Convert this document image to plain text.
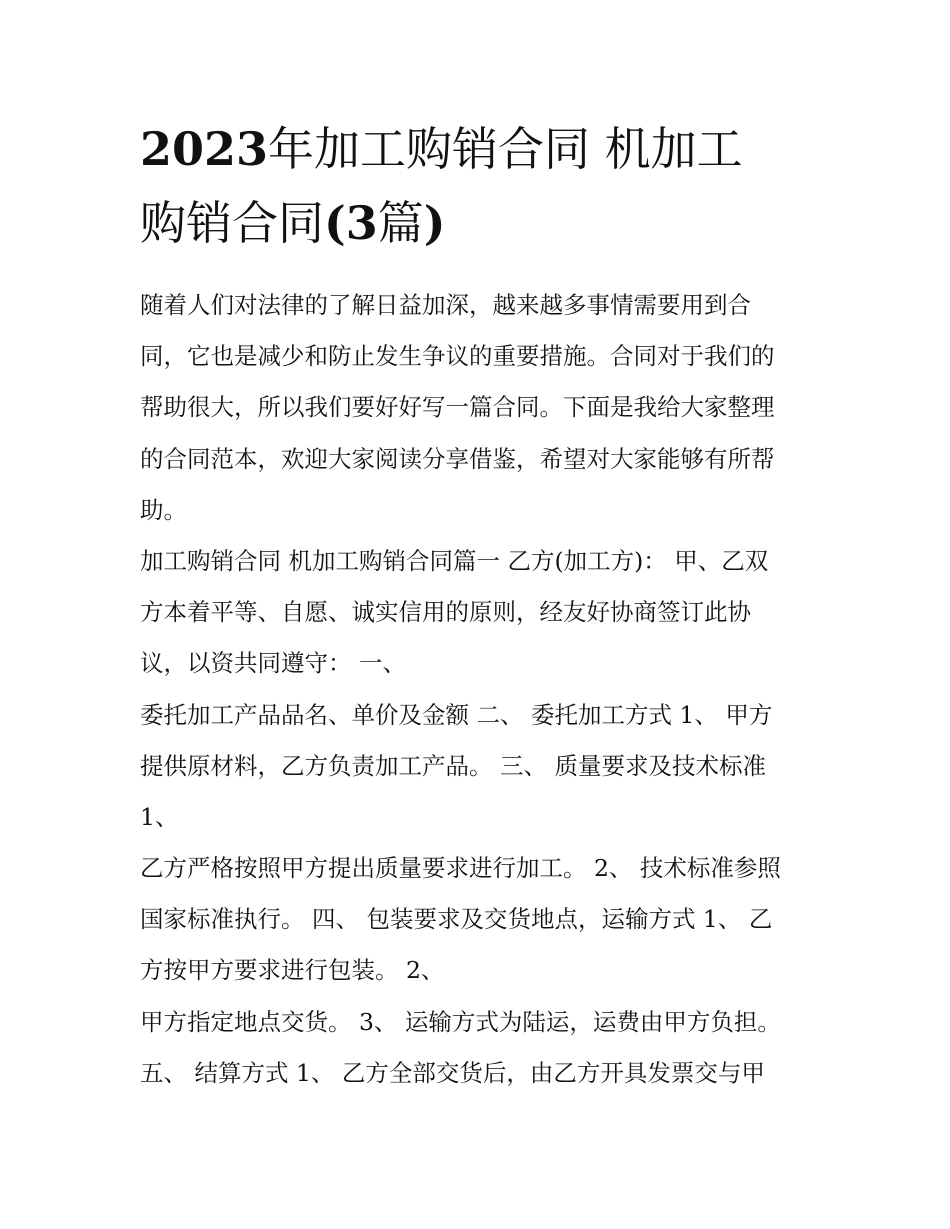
2023年加工购销合同 机加工
购销合同(3篇)
随着人们对法律的了解日益加深，越来越多事情需要用到合
同，它也是减少和防止发生争议的重要措施。合同对于我们的
帮助很大，所以我们要好好写一篇合同。下面是我给大家整理
的合同范本，欢迎大家阅读分享借鉴，希望对大家能够有所帮
助。
加工购销合同 机加工购销合同篇一 乙方(加工方)： 甲、乙双
方本着平等、自愿、诚实信用的原则，经友好协商签订此协
议，以资共同遵守： 一、
委托加工产品品名、单价及金额 二、 委托加工方式 1、 甲方
提供原材料，乙方负责加工产品。 三、 质量要求及技术标准
1、
乙方严格按照甲方提出质量要求进行加工。 2、 技术标准参照
国家标准执行。 四、 包装要求及交货地点，运输方式 1、 乙
方按甲方要求进行包装。 2、
甲方指定地点交货。 3、 运输方式为陆运，运费由甲方负担。
五、 结算方式 1、 乙方全部交货后，由乙方开具发票交与甲
